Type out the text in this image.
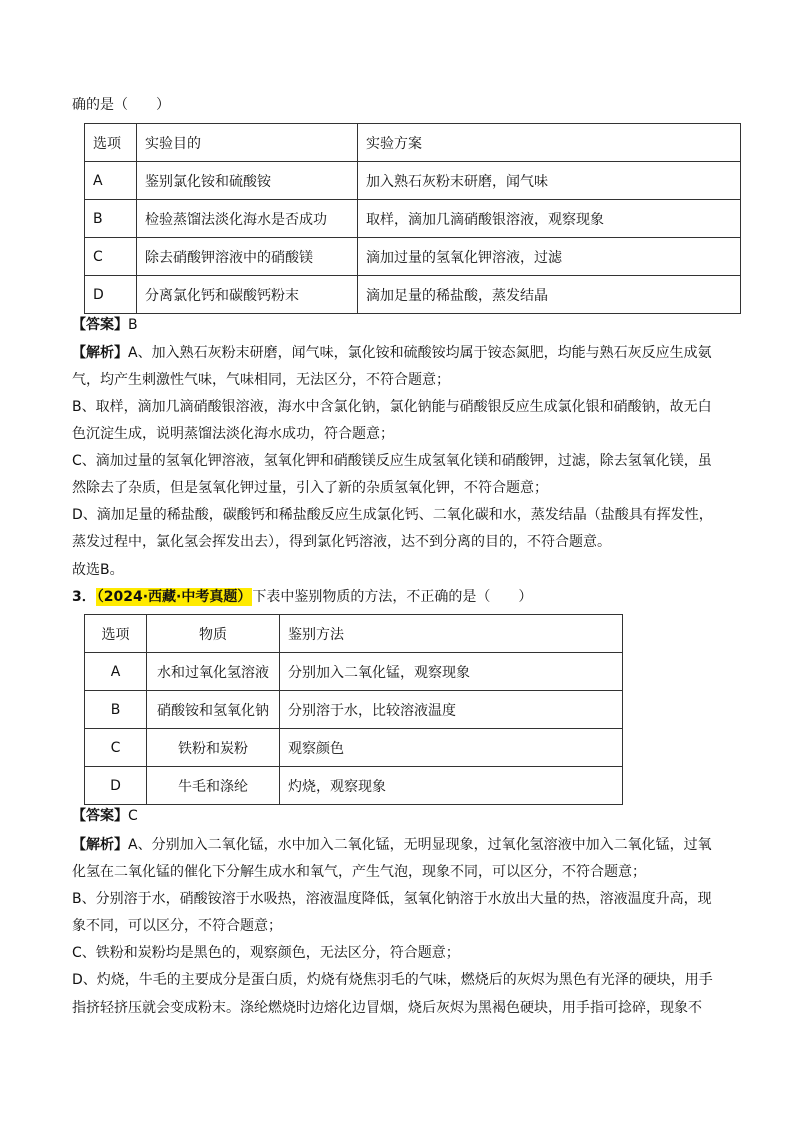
确的是（　　）
选项	实验目的	实验方案
A	鉴别氯化铵和硫酸铵	加入熟石灰粉末研磨，闻气味
B	检验蒸馏法淡化海水是否成功	取样，滴加几滴硝酸银溶液，观察现象
C	除去硝酸钾溶液中的硝酸镁	滴加过量的氢氧化钾溶液，过滤
D	分离氯化钙和碳酸钙粉末	滴加足量的稀盐酸，蒸发结晶
【答案】B
【解析】A、加入熟石灰粉末研磨，闻气味，氯化铵和硫酸铵均属于铵态氮肥，均能与熟石灰反应生成氨
气，均产生刺激性气味，气味相同，无法区分，不符合题意；
B、取样，滴加几滴硝酸银溶液，海水中含氯化钠，氯化钠能与硝酸银反应生成氯化银和硝酸钠，故无白
色沉淀生成，说明蒸馏法淡化海水成功，符合题意；
C、滴加过量的氢氧化钾溶液，氢氧化钾和硝酸镁反应生成氢氧化镁和硝酸钾，过滤，除去氢氧化镁，虽
然除去了杂质，但是氢氧化钾过量，引入了新的杂质氢氧化钾，不符合题意；
D、滴加足量的稀盐酸，碳酸钙和稀盐酸反应生成氯化钙、二氧化碳和水，蒸发结晶（盐酸具有挥发性，
蒸发过程中，氯化氢会挥发出去），得到氯化钙溶液，达不到分离的目的，不符合题意。
故选B。
3．（2024·西藏·中考真题）下表中鉴别物质的方法，不正确的是（　　）
选项	物质	鉴别方法
A	水和过氧化氢溶液	分别加入二氧化锰，观察现象
B	硝酸铵和氢氧化钠	分别溶于水，比较溶液温度
C	铁粉和炭粉	观察颜色
D	牛毛和涤纶	灼烧，观察现象
【答案】C
【解析】A、分别加入二氧化锰，水中加入二氧化锰，无明显现象，过氧化氢溶液中加入二氧化锰，过氧
化氢在二氧化锰的催化下分解生成水和氧气，产生气泡，现象不同，可以区分，不符合题意；
B、分别溶于水，硝酸铵溶于水吸热，溶液温度降低，氢氧化钠溶于水放出大量的热，溶液温度升高，现
象不同，可以区分，不符合题意；
C、铁粉和炭粉均是黑色的，观察颜色，无法区分，符合题意；
D、灼烧，牛毛的主要成分是蛋白质，灼烧有烧焦羽毛的气味，燃烧后的灰烬为黑色有光泽的硬块，用手
指挤轻挤压就会变成粉末。涤纶燃烧时边熔化边冒烟，烧后灰烬为黑褐色硬块，用手指可捻碎，现象不
